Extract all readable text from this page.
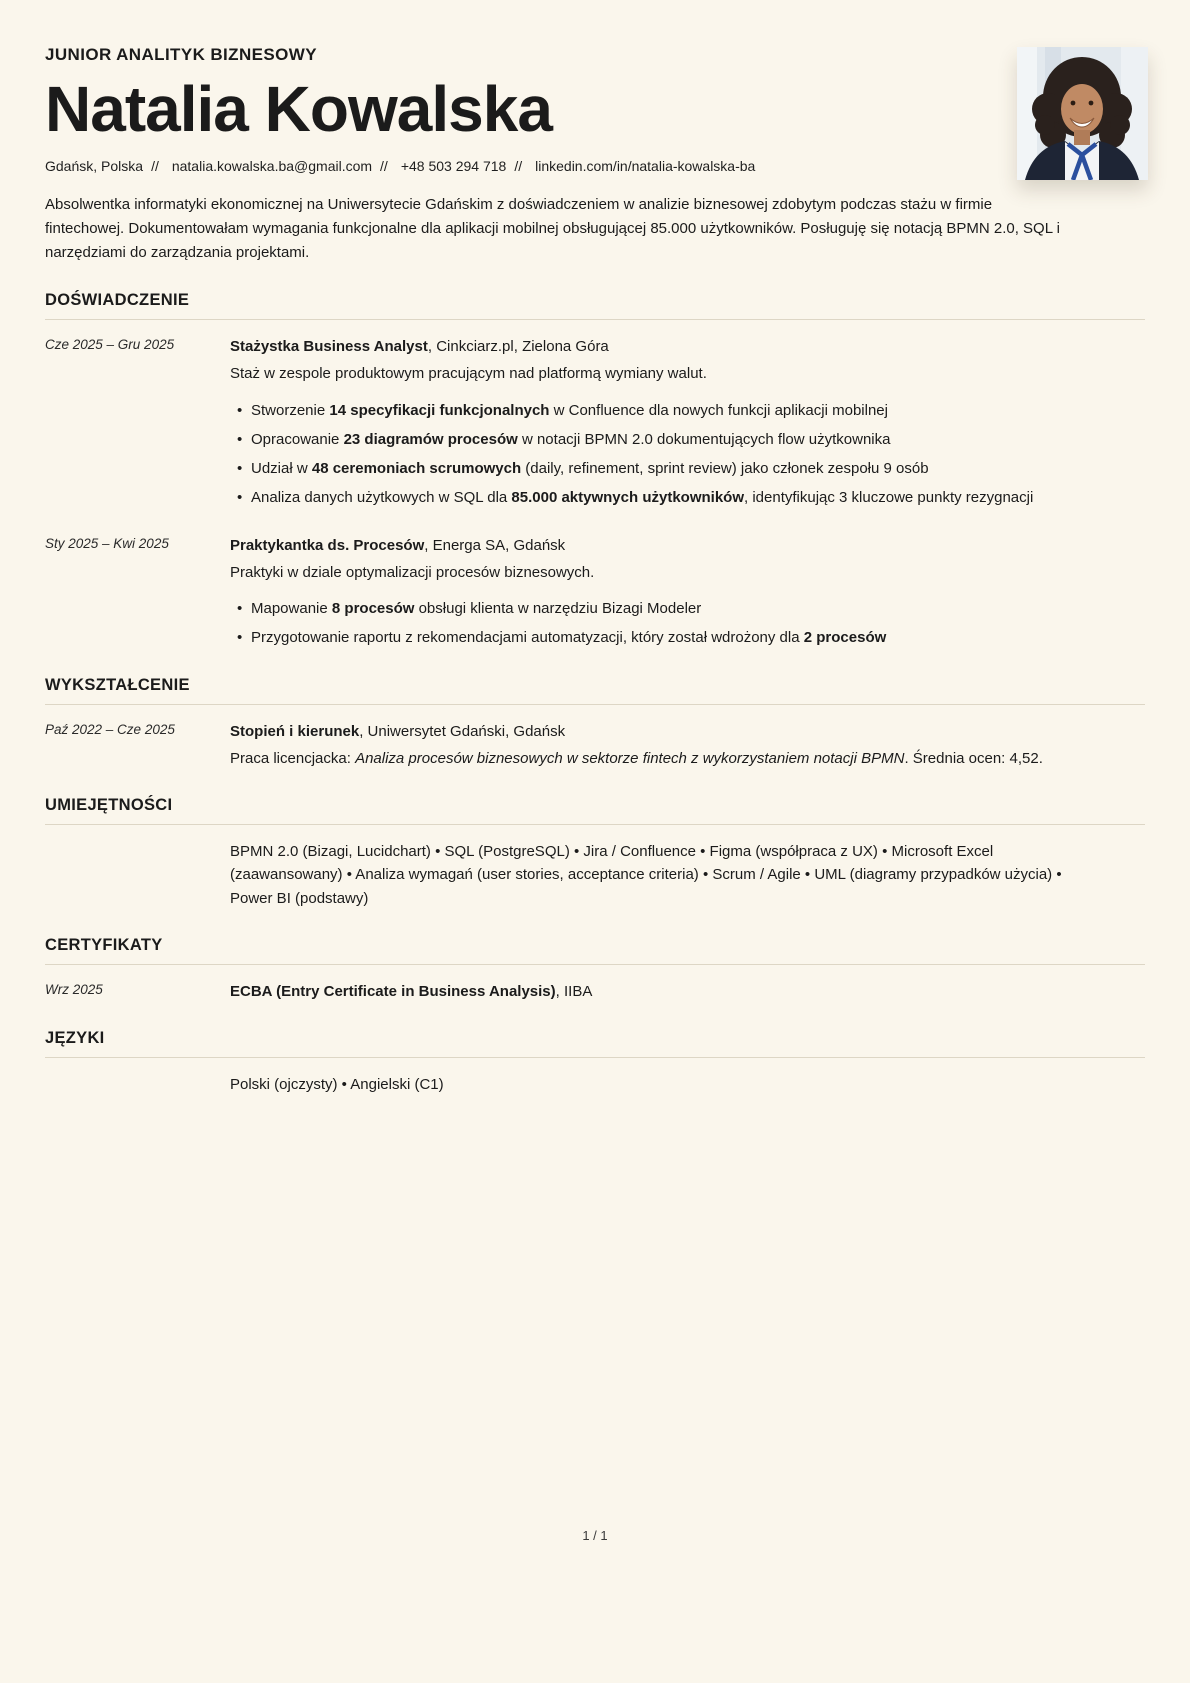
JUNIOR ANALITYK BIZNESOWY
Natalia Kowalska
Gdańsk, Polska // natalia.kowalska.ba@gmail.com // +48 503 294 718 // linkedin.com/in/natalia-kowalska-ba

Absolwentka informatyki ekonomicznej na Uniwersytecie Gdańskim z doświadczeniem w analizie biznesowej zdobytym podczas stażu w firmie fintechowej. Dokumentowałam wymagania funkcjonalne dla aplikacji mobilnej obsługującej 85.000 użytkowników. Posługuję się notacją BPMN 2.0, SQL i narzędziami do zarządzania projektami.

DOŚWIADCZENIE
Cze 2025 – Gru 2025	Stażystka Business Analyst, Cinkciarz.pl, Zielona Góra
Staż w zespole produktowym pracującym nad platformą wymiany walut.
• Stworzenie 14 specyfikacji funkcjonalnych w Confluence dla nowych funkcji aplikacji mobilnej
• Opracowanie 23 diagramów procesów w notacji BPMN 2.0 dokumentujących flow użytkownika
• Udział w 48 ceremoniach scrumowych (daily, refinement, sprint review) jako członek zespołu 9 osób
• Analiza danych użytkowych w SQL dla 85.000 aktywnych użytkowników, identyfikując 3 kluczowe punkty rezygnacji
Sty 2025 – Kwi 2025	Praktykantka ds. Procesów, Energa SA, Gdańsk
Praktyki w dziale optymalizacji procesów biznesowych.
• Mapowanie 8 procesów obsługi klienta w narzędziu Bizagi Modeler
• Przygotowanie raportu z rekomendacjami automatyzacji, który został wdrożony dla 2 procesów
WYKSZTAŁCENIE
Paź 2022 – Cze 2025	Stopień i kierunek, Uniwersytet Gdański, Gdańsk
Praca licencjacka: Analiza procesów biznesowych w sektorze fintech z wykorzystaniem notacji BPMN. Średnia ocen: 4,52.
UMIEJĘTNOŚCI

BPMN 2.0 (Bizagi, Lucidchart) • SQL (PostgreSQL) • Jira / Confluence • Figma (współpraca z UX) • Microsoft Excel (zaawansowany) • Analiza wymagań (user stories, acceptance criteria) • Scrum / Agile • UML (diagramy przypadków użycia) • Power BI (podstawy)

CERTYFIKATY
Wrz 2025	ECBA (Entry Certificate in Business Analysis), IIBA
JĘZYKI

Polski (ojczysty) • Angielski (C1)

1 / 1
